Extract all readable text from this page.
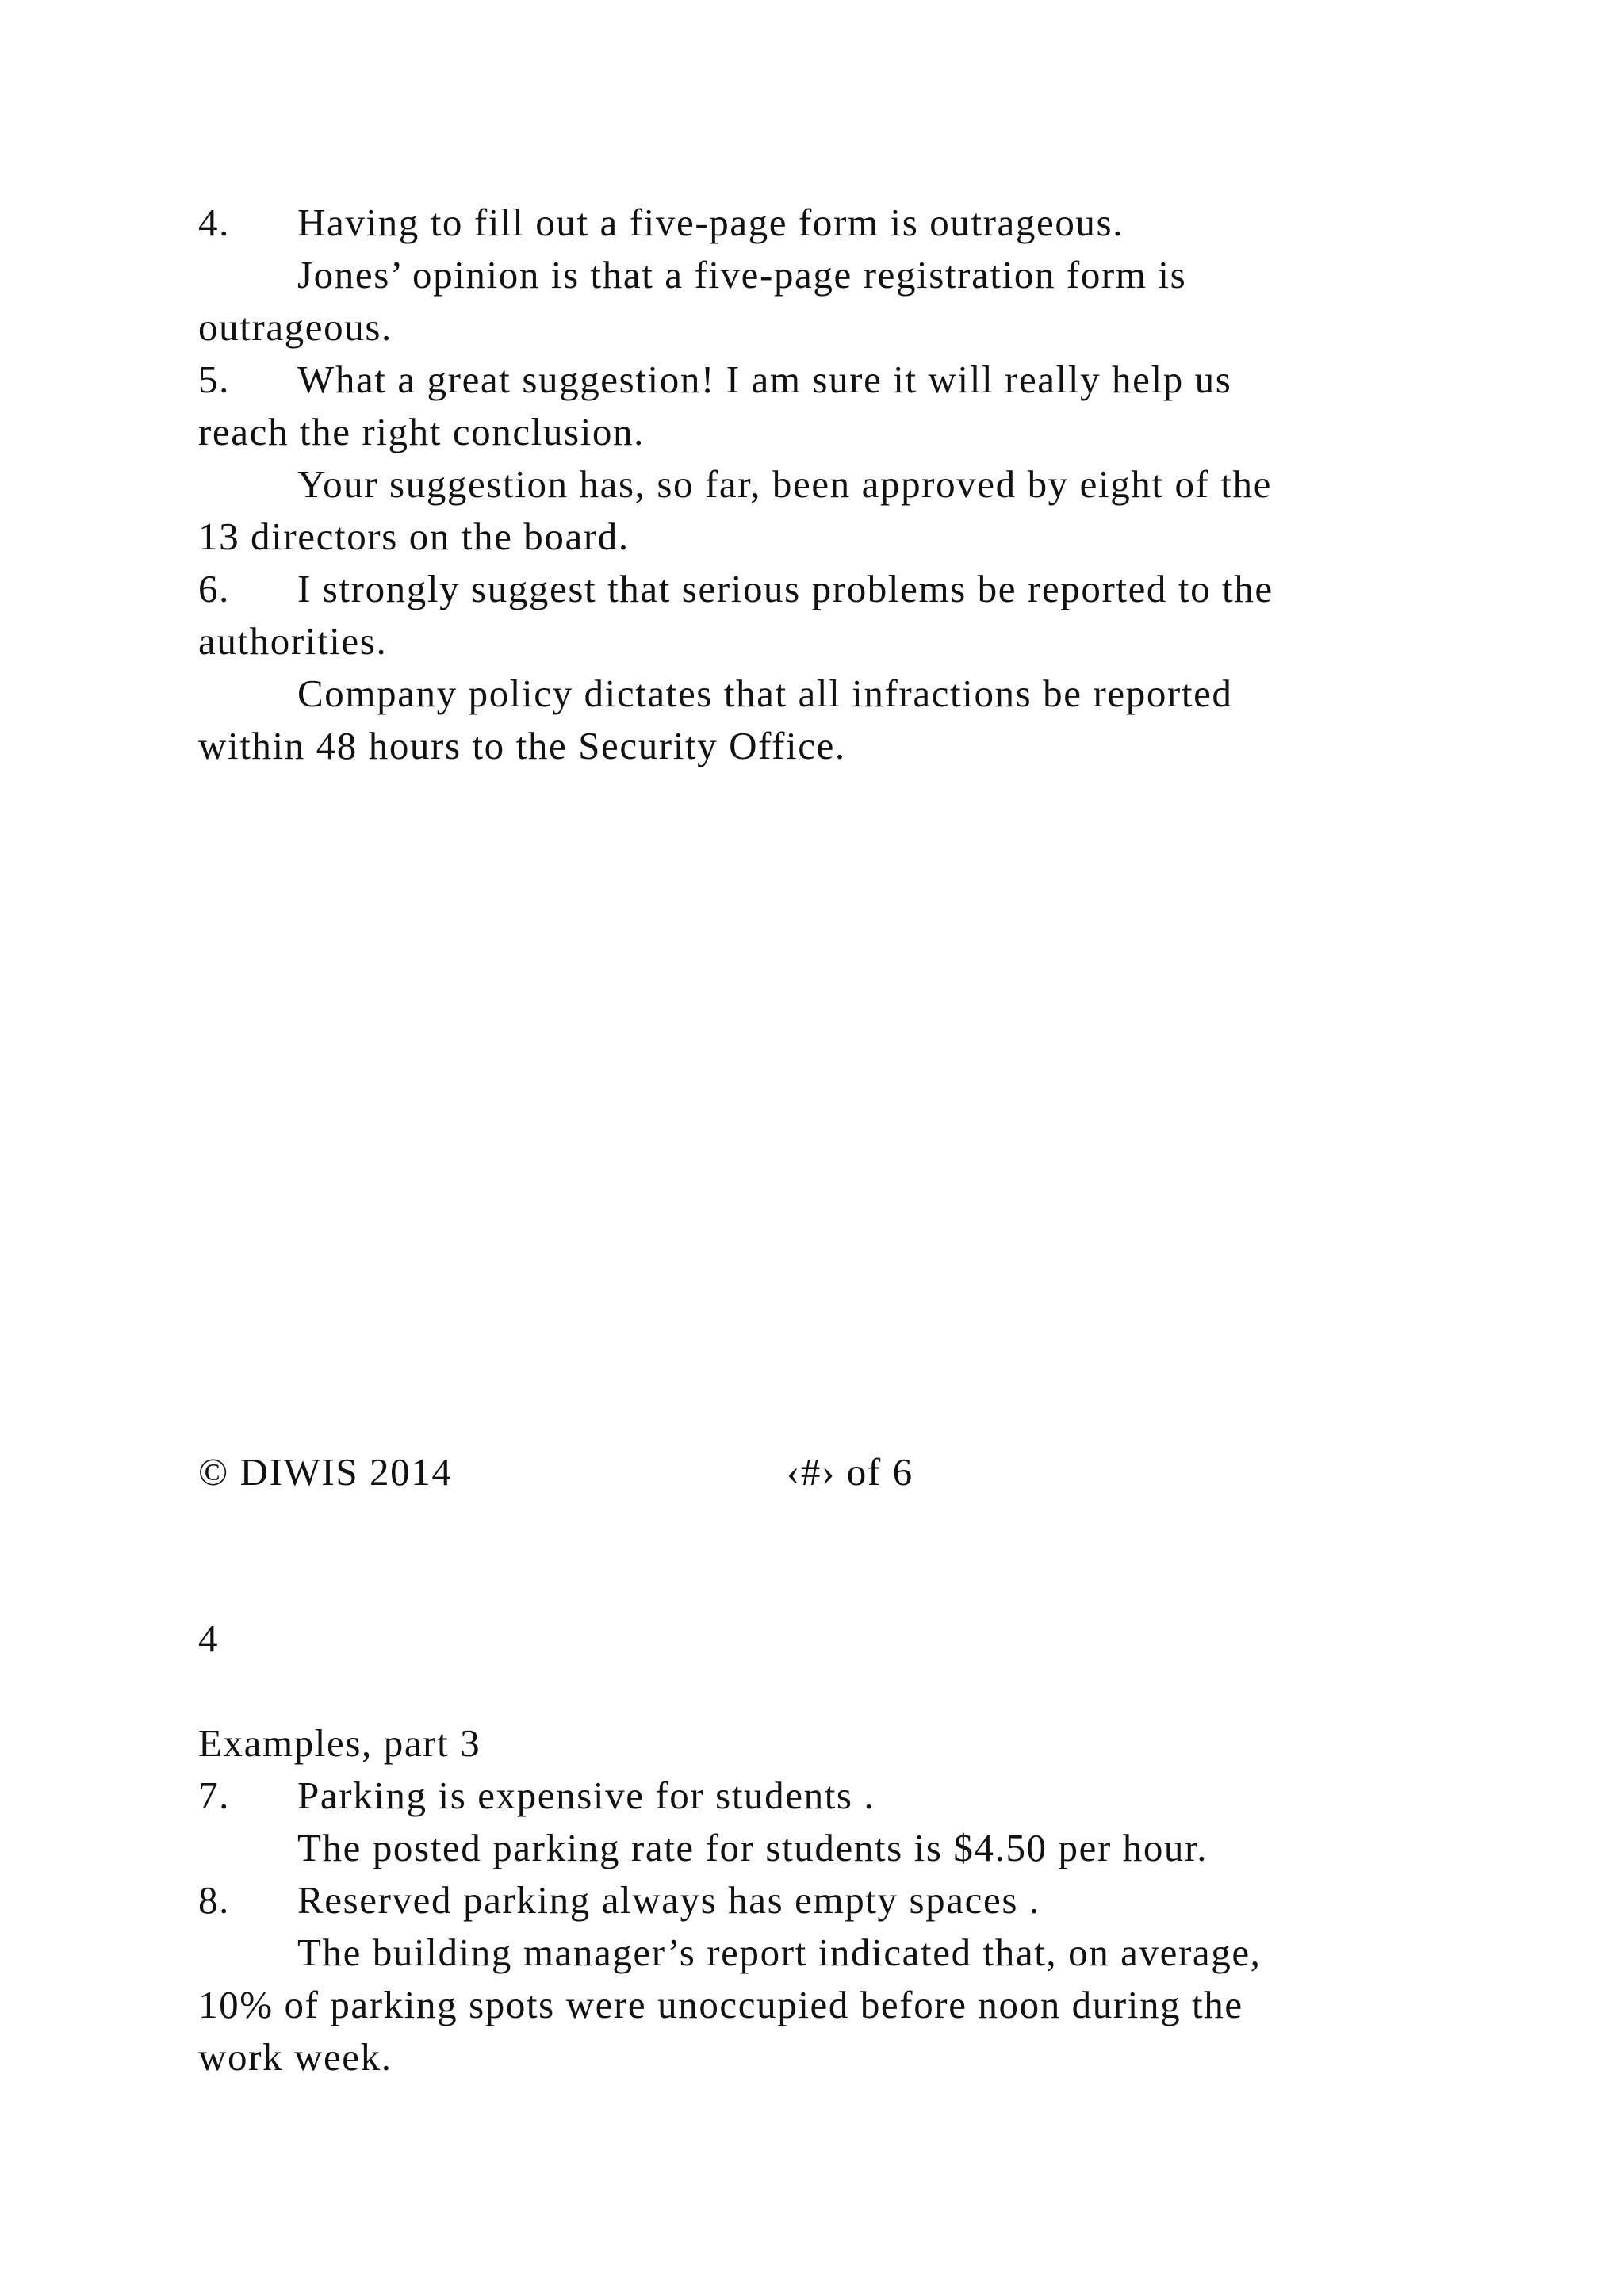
4. Having to fill out a five-page form is outrageous.
Jones’ opinion is that a five-page registration form is
outrageous.
5. What a great suggestion! I am sure it will really help us
reach the right conclusion.
Your suggestion has, so far, been approved by eight of the
13 directors on the board.
6. I strongly suggest that serious problems be reported to the
authorities.
Company policy dictates that all infractions be reported
within 48 hours to the Security Office.
© DIWIS 2014	‹#› of 6
4
Examples, part 3
7. Parking is expensive for students .
The posted parking rate for students is $4.50 per hour.
8. Reserved parking always has empty spaces .
The building manager’s report indicated that, on average,
10% of parking spots were unoccupied before noon during the
work week.
